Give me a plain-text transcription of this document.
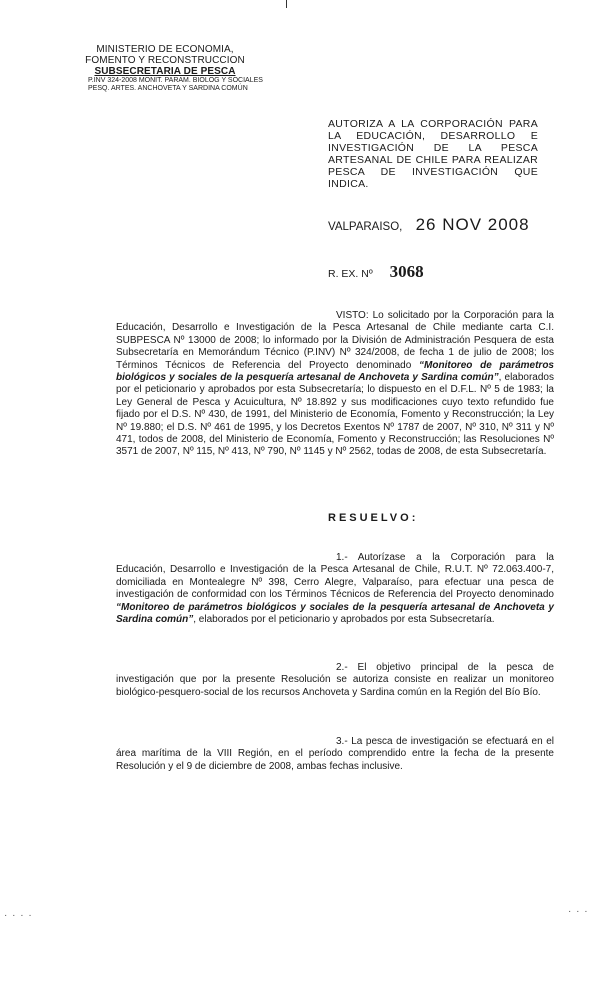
MINISTERIO DE ECONOMIA,
FOMENTO Y RECONSTRUCCION
SUBSECRETARIA DE PESCA
P.INV 324-2008 MONIT. PARAM. BIOLOG Y SOCIALES
PESQ. ARTES. ANCHOVETA Y SARDINA COMÚN
AUTORIZA A LA CORPORACIÓN PARA LA EDUCACIÓN, DESARROLLO E INVESTIGACIÓN DE LA PESCA ARTESANAL DE CHILE PARA REALIZAR PESCA DE INVESTIGACIÓN QUE INDICA.
VALPARAISO, 26 NOV 2008
R. EX. Nº 3068
VISTO: Lo solicitado por la Corporación para la Educación, Desarrollo e Investigación de la Pesca Artesanal de Chile mediante carta C.I. SUBPESCA Nº 13000 de 2008; lo informado por la División de Administración Pesquera de esta Subsecretaría en Memorándum Técnico (P.INV) Nº 324/2008, de fecha 1 de julio de 2008; los Términos Técnicos de Referencia del Proyecto denominado “Monitoreo de parámetros biológicos y sociales de la pesquería artesanal de Anchoveta y Sardina común”, elaborados por el peticionario y aprobados por esta Subsecretaría; lo dispuesto en el D.F.L. Nº 5 de 1983; la Ley General de Pesca y Acuicultura, Nº 18.892 y sus modificaciones cuyo texto refundido fue fijado por el D.S. Nº 430, de 1991, del Ministerio de Economía, Fomento y Reconstrucción; la Ley Nº 19.880; el D.S. Nº 461 de 1995, y los Decretos Exentos Nº 1787 de 2007, Nº 310, Nº 311 y Nº 471, todos de 2008, del Ministerio de Economía, Fomento y Reconstrucción; las Resoluciones Nº 3571 de 2007, Nº 115, Nº 413, Nº 790, Nº 1145 y Nº 2562, todas de 2008, de esta Subsecretaría.
RESUELVO:
1.- Autorízase a la Corporación para la Educación, Desarrollo e Investigación de la Pesca Artesanal de Chile, R.U.T. Nº 72.063.400-7, domiciliada en Montealegre Nº 398, Cerro Alegre, Valparaíso, para efectuar una pesca de investigación de conformidad con los Términos Técnicos de Referencia del Proyecto denominado “Monitoreo de parámetros biológicos y sociales de la pesquería artesanal de Anchoveta y Sardina común”, elaborados por el peticionario y aprobados por esta Subsecretaría.
2.- El objetivo principal de la pesca de investigación que por la presente Resolución se autoriza consiste en realizar un monitoreo biológico-pesquero-social de los recursos Anchoveta y Sardina común en la Región del Bío Bío.
3.- La pesca de investigación se efectuará en el área marítima de la VIII Región, en el período comprendido entre la fecha de la presente Resolución y el 9 de diciembre de 2008, ambas fechas inclusive.
· · · ·	· · ·
